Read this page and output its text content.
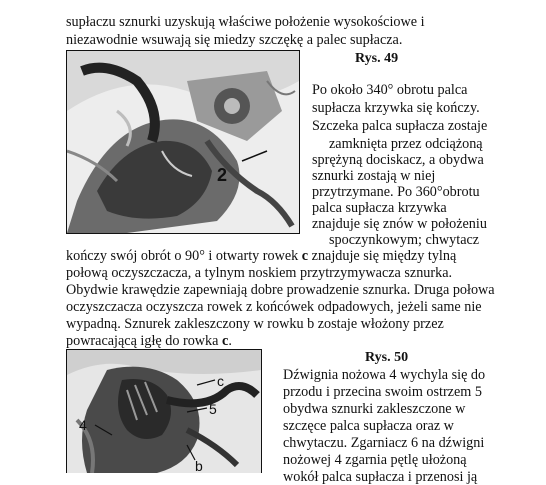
supłaczu sznurki uzyskują właściwe położenie wysokościowe i
niezawodnie wsuwają się miedzy szczękę a palec supłacza.
Rys. 49
2
Po około 340° obrotu palca
supłacza krzywka się kończy.
Szczeka palca supłacza zostaje
zamknięta przez odciążoną
sprężyną dociskacz, a obydwa
sznurki zostają w niej
przytrzymane. Po 360°obrotu
palca supłacza krzywka
znajduje się znów w położeniu
spoczynkowym; chwytacz
kończy swój obrót o 90° i otwarty rowek c znajduje się między tylną
połową oczyszczacza, a tylnym noskiem przytrzymywacza sznurka.
Obydwie krawędzie zapewniają dobre prowadzenie sznurka. Druga połowa
oczyszczacza oczyszcza rowek z końcówek odpadowych, jeżeli same nie
wypadną. Sznurek zakleszczony w rowku b zostaje włożony przez
powracającą igłę do rowka c.
c
5
4
b
Rys. 50
Dźwignia nożowa 4 wychyla się do
przodu i przecina swoim ostrzem 5
obydwa sznurki zakleszczone w
szczęce palca supłacza oraz w
chwytaczu. Zgarniacz 6 na dźwigni
nożowej 4 zgarnia pętlę ułożoną
wokół palca supłacza i przenosi ją
